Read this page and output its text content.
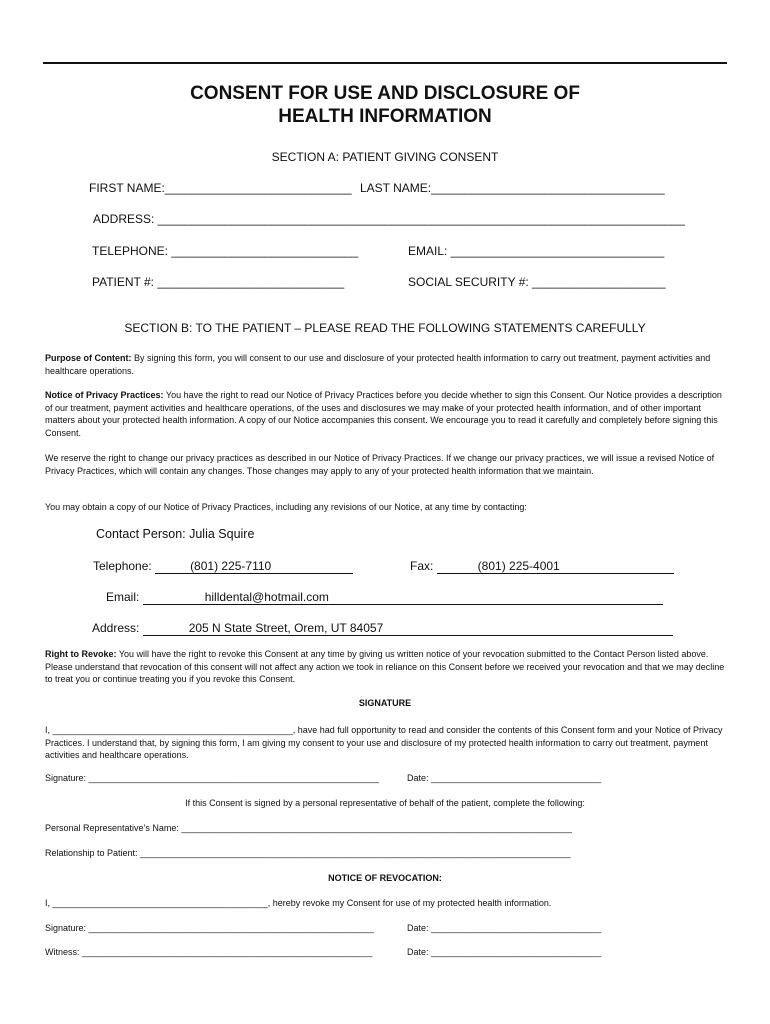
CONSENT FOR USE AND DISCLOSURE OF
HEALTH INFORMATION
SECTION A: PATIENT GIVING CONSENT
FIRST NAME:____________________________ LAST NAME:___________________________________
ADDRESS: _______________________________________________________________________________
TELEPHONE: ____________________________	EMAIL: ________________________________
PATIENT #: ____________________________	SOCIAL SECURITY #: ____________________
SECTION B: TO THE PATIENT – PLEASE READ THE FOLLOWING STATEMENTS CAREFULLY
Purpose of Content: By signing this form, you will consent to our use and disclosure of your protected health information to carry out treatment, payment activities and healthcare operations.
Notice of Privacy Practices: You have the right to read our Notice of Privacy Practices before you decide whether to sign this Consent. Our Notice provides a description of our treatment, payment activities and healthcare operations, of the uses and disclosures we may make of your protected health information, and of other important matters about your protected health information. A copy of our Notice accompanies this consent. We encourage you to read it carefully and completely before signing this Consent.
We reserve the right to change our privacy practices as described in our Notice of Privacy Practices. If we change our privacy practices, we will issue a revised Notice of Privacy Practices, which will contain any changes. Those changes may apply to any of your protected health information that we maintain.
You may obtain a copy of our Notice of Privacy Practices, including any revisions of our Notice, at any time by contacting:
Contact Person: Julia Squire
Telephone:	(801) 225-7110	Fax:	(801) 225-4001
Email:	hilldental@hotmail.com
Address:	205 N State Street, Orem, UT 84057
Right to Revoke: You will have the right to revoke this Consent at any time by giving us written notice of your revocation submitted to the Contact Person listed above. Please understand that revocation of this consent will not affect any action we took in reliance on this Consent before we received your revocation and that we may decline to treat you or continue treating you if you revoke this Consent.
SIGNATURE
I, ________________________________________________, have had full opportunity to read and consider the contents of this Consent form and your Notice of Privacy Practices. I understand that, by signing this form, I am giving my consent to your use and disclosure of my protected health information to carry out treatment, payment activities and healthcare operations.
Signature: __________________________________________________________	Date: __________________________________
If this Consent is signed by a personal representative of behalf of the patient, complete the following:
Personal Representative’s Name: ______________________________________________________________________________
Relationship to Patient: ______________________________________________________________________________________
NOTICE OF REVOCATION:
I, ___________________________________________, hereby revoke my Consent for use of my protected health information.
Signature: _________________________________________________________	Date: __________________________________
Witness: __________________________________________________________	Date: __________________________________
